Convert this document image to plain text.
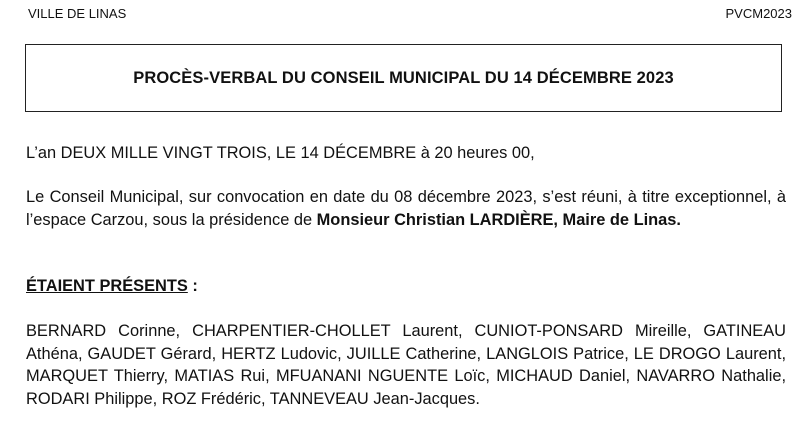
VILLE DE LINAS	PVCM2023
PROCÈS-VERBAL DU CONSEIL MUNICIPAL DU 14 DÉCEMBRE 2023
L’an DEUX MILLE VINGT TROIS, LE 14 DÉCEMBRE à 20 heures 00,
Le Conseil Municipal, sur convocation en date du 08 décembre 2023, s’est réuni, à titre exceptionnel, à l’espace Carzou, sous la présidence de Monsieur Christian LARDIÈRE, Maire de Linas.
ÉTAIENT PRÉSENTS :
BERNARD Corinne, CHARPENTIER-CHOLLET Laurent, CUNIOT-PONSARD Mireille, GATINEAU Athéna, GAUDET Gérard, HERTZ Ludovic, JUILLE Catherine, LANGLOIS Patrice, LE DROGO Laurent, MARQUET Thierry, MATIAS Rui, MFUANANI NGUENTE Loïc, MICHAUD Daniel, NAVARRO Nathalie, RODARI Philippe, ROZ Frédéric, TANNEVEAU Jean-Jacques.
